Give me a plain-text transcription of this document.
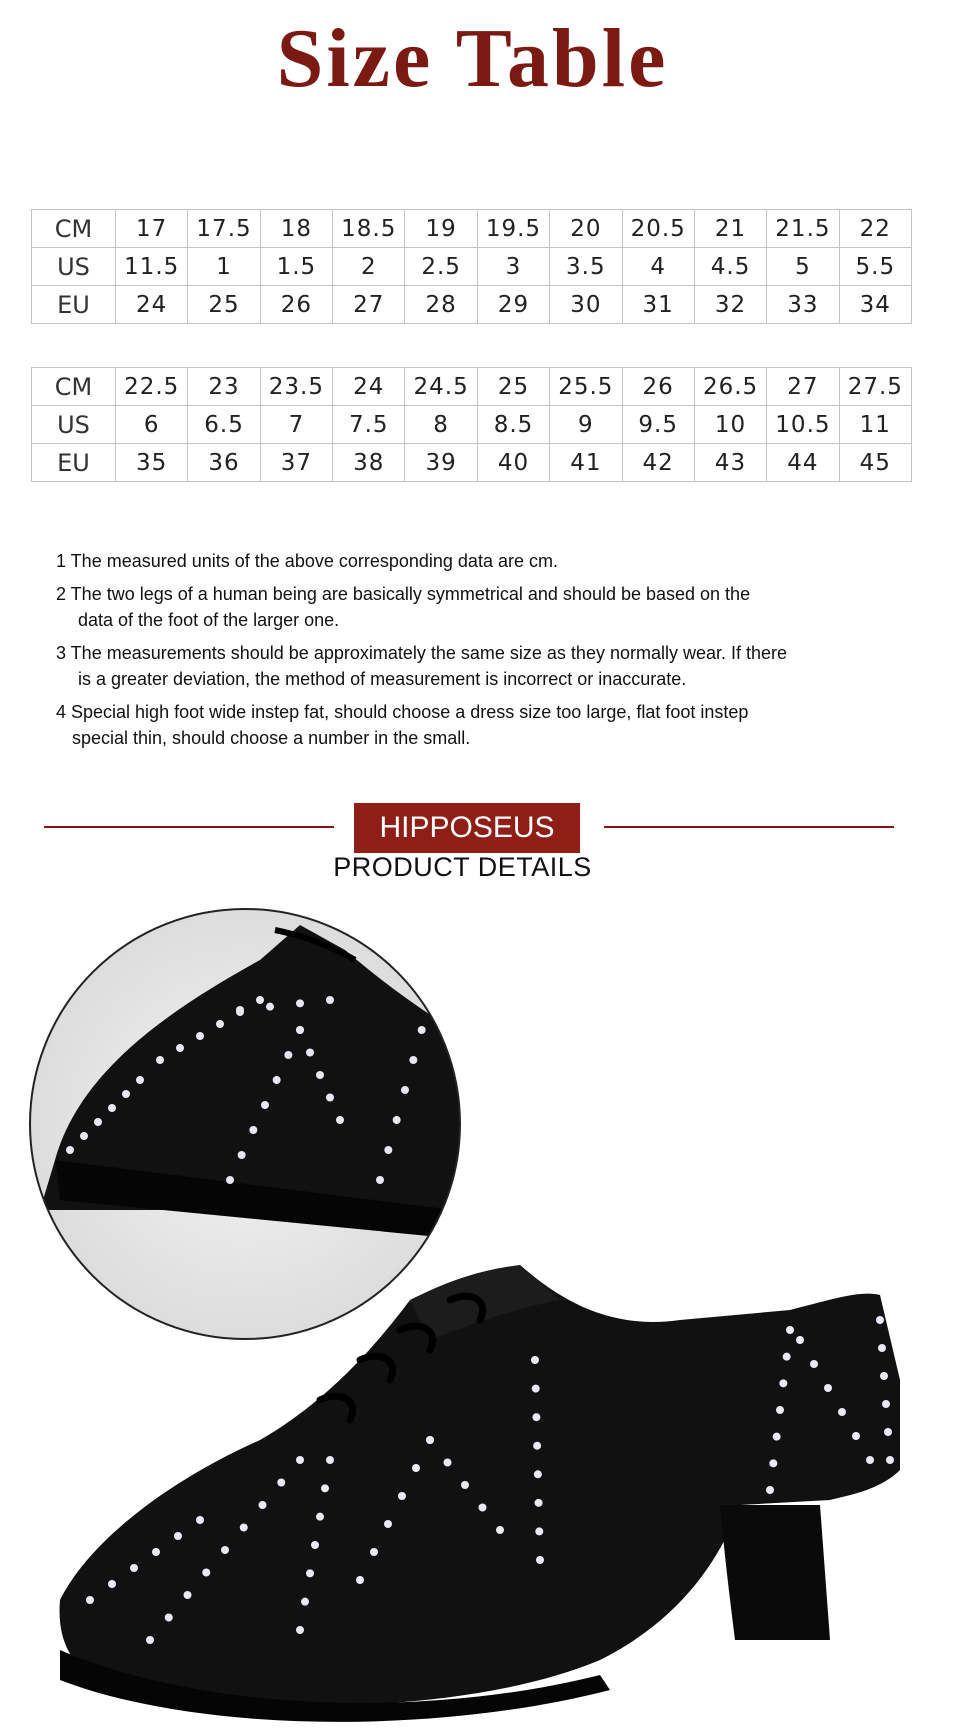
Size Table
CM	17	17.5	18	18.5	19	19.5	20	20.5	21	21.5	22
US	11.5	1	1.5	2	2.5	3	3.5	4	4.5	5	5.5
EU	24	25	26	27	28	29	30	31	32	33	34
CM	22.5	23	23.5	24	24.5	25	25.5	26	26.5	27	27.5
US	6	6.5	7	7.5	8	8.5	9	9.5	10	10.5	11
EU	35	36	37	38	39	40	41	42	43	44	45
1 The measured units of the above corresponding data are cm.
2 The two legs of a human being are basically symmetrical and should be based on the
data of the foot of the larger one.
3 The measurements should be approximately the same size as they normally wear. If there
is a greater deviation, the method of measurement is incorrect or inaccurate.
4 Special high foot wide instep fat, should choose a dress size too large, flat foot instep
special thin, should choose a number in the small.
HIPPOSEUS
PRODUCT DETAILS
